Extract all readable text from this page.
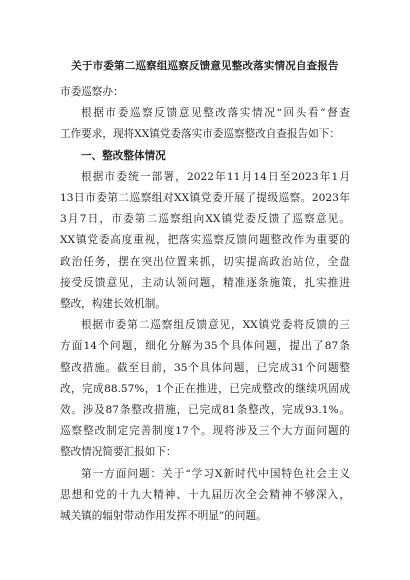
关于市委第二巡察组巡察反馈意见整改落实情况自查报告
市委巡察办：
根据市委巡察反馈意见整改落实情况“回头看”督查
工作要求，现将XX镇党委落实市委巡察整改自查报告如下：
一、整改整体情况
根据市委统一部署，2022年11月14日至2023年1月
13日市委第二巡察组对XX镇党委开展了提级巡察。2023年
3月7日，市委第二巡察组向XX镇党委反馈了巡察意见。
XX镇党委高度重视，把落实巡察反馈问题整改作为重要的
政治任务，摆在突出位置来抓，切实提高政治站位，全盘
接受反馈意见，主动认领问题，精准逐条施策，扎实推进
整改，构建长效机制。
根据市委第二巡察组反馈意见，XX镇党委将反馈的三
方面14个问题，细化分解为35个具体问题，提出了87条
整改措施。截至目前，35个具体问题，已完成31个问题整
改，完成88.57%，1个正在推进，已完成整改的继续巩固成
效。涉及87条整改措施，已完成81条整改，完成93.1%。
巡察整改制定完善制度17个。现将涉及三个大方面问题的
整改情况简要汇报如下：
第一方面问题：关于“学习X新时代中国特色社会主义
思想和党的十九大精神、十九届历次全会精神不够深入，
城关镇的辐射带动作用发挥不明显”的问题。
